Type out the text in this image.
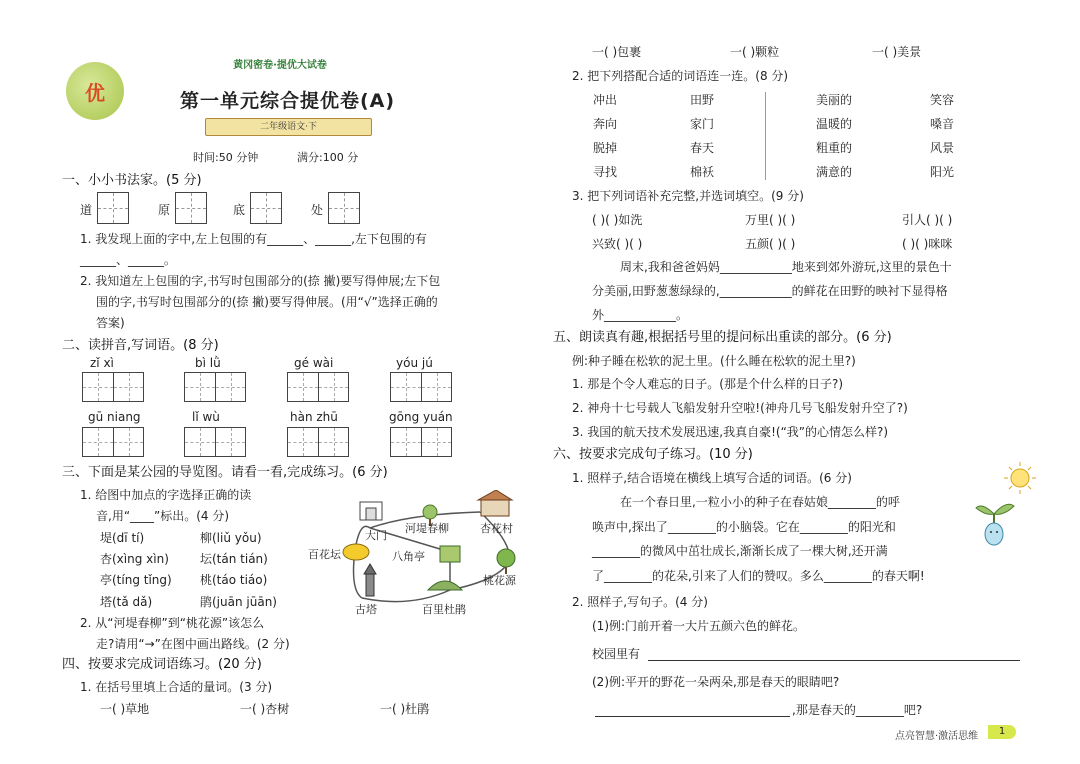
优
黄冈密卷·提优大试卷
第一单元综合提优卷(A)
二年级语文·下
时间:50 分钟	满分:100 分
一、小小书法家。(5 分)
道	原	底	处
1. 我发现上面的字中,左上包围的有______、______,左下包围的有
______、______。
2. 我知道左上包围的字,书写时包围部分的(捺 撇)要写得伸展;左下包
围的字,书写时包围部分的(捺 撇)要写得伸展。(用“√”选择正确的
答案)
二、读拼音,写词语。(8 分)
zǐ xì	bì lǜ	gé wài	yóu jú
gū niang	lǐ wù	hàn zhū	gōng yuán
三、下面是某公园的导览图。请看一看,完成练习。(6 分)
1. 给图中加点的字选择正确的读
音,用“____”标出。(4 分)
堤(dī tí)	柳(liǔ yǒu)
杏(xìng xìn)	坛(tán tián)
亭(tíng tǐng) 桃(táo tiáo)
塔(tǎ dǎ)	鹃(juān jūān)
2. 从“河堤春柳”到“桃花源”该怎么
走?请用“→”在图中画出路线。(2 分)
大门
河堤春柳	杏花村
百花坛	八角亭
桃花源
古塔	百里杜鹃
四、按要求完成词语练习。(20 分)
1. 在括号里填上合适的量词。(3 分)
一( )草地	一( )杏树	一( )杜鹃
一( )包裹	一( )颗粒	一( )美景
2. 把下列搭配合适的词语连一连。(8 分)
冲出	田野
奔向	家门
脱掉	春天
寻找	棉袄
美丽的	笑容
温暖的	嗓音
粗重的	风景
满意的	阳光
3. 把下列词语补充完整,并选词填空。(9 分)
( )( )如洗	万里( )( )	引人( )( )
兴致( )( )	五颜( )( )	( )( )咪咪
周末,我和爸爸妈妈____________地来到郊外游玩,这里的景色十
分美丽,田野葱葱绿绿的,____________的鲜花在田野的映衬下显得格
外____________。
五、朗读真有趣,根据括号里的提问标出重读的部分。(6 分)
例:种子睡在松软的泥土里。(什么睡在松软的泥土里?)
1. 那是个令人难忘的日子。(那是个什么样的日子?)
2. 神舟十七号载人飞船发射升空啦!(神舟几号飞船发射升空了?)
3. 我国的航天技术发展迅速,我真自豪!(“我”的心情怎么样?)
六、按要求完成句子练习。(10 分)
1. 照样子,结合语境在横线上填写合适的词语。(6 分)
在一个春日里,一粒小小的种子在春姑娘________的呼
唤声中,探出了________的小脑袋。它在________的阳光和
________的微风中茁壮成长,渐渐长成了一棵大树,还开满
了________的花朵,引来了人们的赞叹。多么________的春天啊!
2. 照样子,写句子。(4 分)
(1)例:门前开着一大片五颜六色的鲜花。
校园里有
(2)例:平开的野花一朵两朵,那是春天的眼睛吧?
,那是春天的________吧?
点亮智慧·激活思维	1
